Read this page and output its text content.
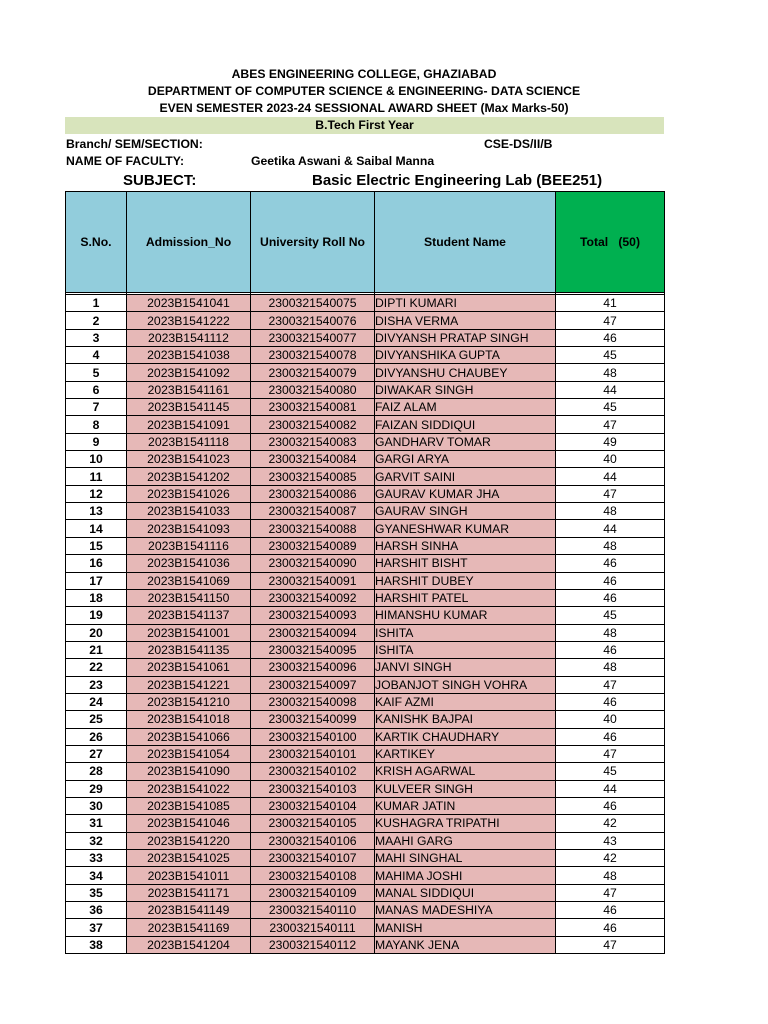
ABES ENGINEERING COLLEGE, GHAZIABAD
DEPARTMENT OF COMPUTER SCIENCE & ENGINEERING- DATA SCIENCE
EVEN SEMESTER 2023-24 SESSIONAL AWARD SHEET (Max Marks-50)
B.Tech First Year
Branch/ SEM/SECTION:	CSE-DS/II/B
NAME OF FACULTY:	Geetika Aswani & Saibal Manna
SUBJECT:	Basic Electric Engineering Lab (BEE251)
S.No.	Admission_No	University Roll No	Student Name	Total   (50)

1	2023B1541041	2300321540075	DIPTI KUMARI	41
2	2023B1541222	2300321540076	DISHA VERMA	47
3	2023B1541112	2300321540077	DIVYANSH PRATAP SINGH	46
4	2023B1541038	2300321540078	DIVYANSHIKA GUPTA	45
5	2023B1541092	2300321540079	DIVYANSHU CHAUBEY	48
6	2023B1541161	2300321540080	DIWAKAR SINGH	44
7	2023B1541145	2300321540081	FAIZ ALAM	45
8	2023B1541091	2300321540082	FAIZAN SIDDIQUI	47
9	2023B1541118	2300321540083	GANDHARV TOMAR	49
10	2023B1541023	2300321540084	GARGI ARYA	40
11	2023B1541202	2300321540085	GARVIT SAINI	44
12	2023B1541026	2300321540086	GAURAV KUMAR JHA	47
13	2023B1541033	2300321540087	GAURAV SINGH	48
14	2023B1541093	2300321540088	GYANESHWAR KUMAR	44
15	2023B1541116	2300321540089	HARSH SINHA	48
16	2023B1541036	2300321540090	HARSHIT BISHT	46
17	2023B1541069	2300321540091	HARSHIT DUBEY	46
18	2023B1541150	2300321540092	HARSHIT PATEL	46
19	2023B1541137	2300321540093	HIMANSHU KUMAR	45
20	2023B1541001	2300321540094	ISHITA	48
21	2023B1541135	2300321540095	ISHITA	46
22	2023B1541061	2300321540096	JANVI SINGH	48
23	2023B1541221	2300321540097	JOBANJOT SINGH VOHRA	47
24	2023B1541210	2300321540098	KAIF AZMI	46
25	2023B1541018	2300321540099	KANISHK BAJPAI	40
26	2023B1541066	2300321540100	KARTIK CHAUDHARY	46
27	2023B1541054	2300321540101	KARTIKEY	47
28	2023B1541090	2300321540102	KRISH AGARWAL	45
29	2023B1541022	2300321540103	KULVEER SINGH	44
30	2023B1541085	2300321540104	KUMAR JATIN	46
31	2023B1541046	2300321540105	KUSHAGRA TRIPATHI	42
32	2023B1541220	2300321540106	MAAHI GARG	43
33	2023B1541025	2300321540107	MAHI SINGHAL	42
34	2023B1541011	2300321540108	MAHIMA JOSHI	48
35	2023B1541171	2300321540109	MANAL SIDDIQUI	47
36	2023B1541149	2300321540110	MANAS MADESHIYA	46
37	2023B1541169	2300321540111	MANISH	46
38	2023B1541204	2300321540112	MAYANK JENA	47
